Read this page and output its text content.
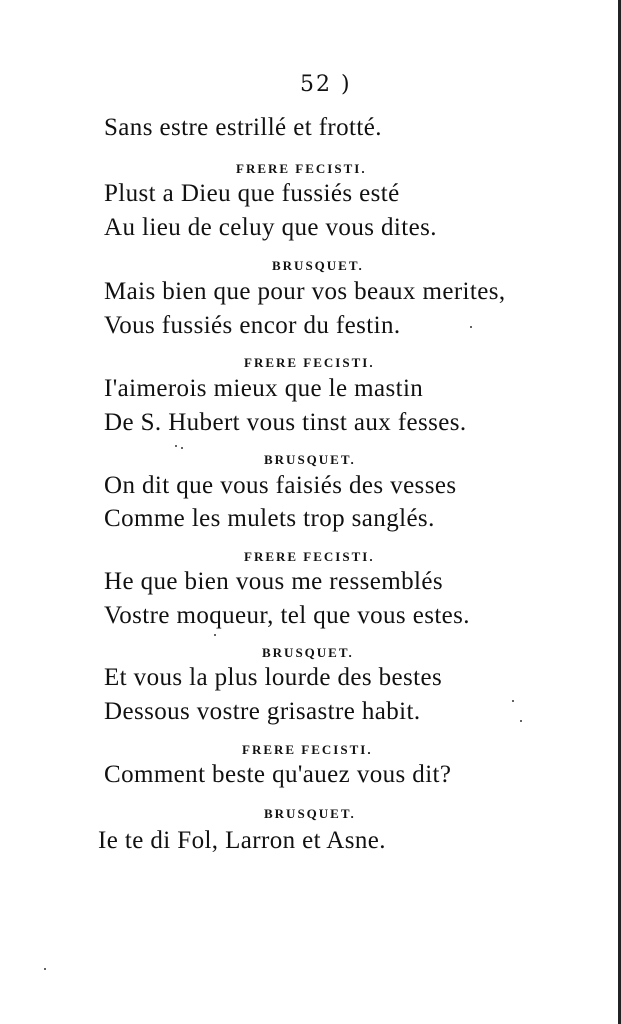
52 )
Sans estre estrillé et frotté.
FRERE FECISTI.
Plust a Dieu que fussiés esté
Au lieu de celuy que vous dites.
BRUSQUET.
Mais bien que pour vos beaux merites,
Vous fussiés encor du festin.
FRERE FECISTI.
I'aimerois mieux que le mastin
De S. Hubert vous tinst aux fesses.
BRUSQUET.
On dit que vous faisiés des vesses
Comme les mulets trop sanglés.
FRERE FECISTI.
He que bien vous me ressemblés
Vostre moqueur, tel que vous estes.
BRUSQUET.
Et vous la plus lourde des bestes
Dessous vostre grisastre habit.
FRERE FECISTI.
Comment beste qu'auez vous dit?
BRUSQUET.
Ie te di Fol, Larron et Asne.
